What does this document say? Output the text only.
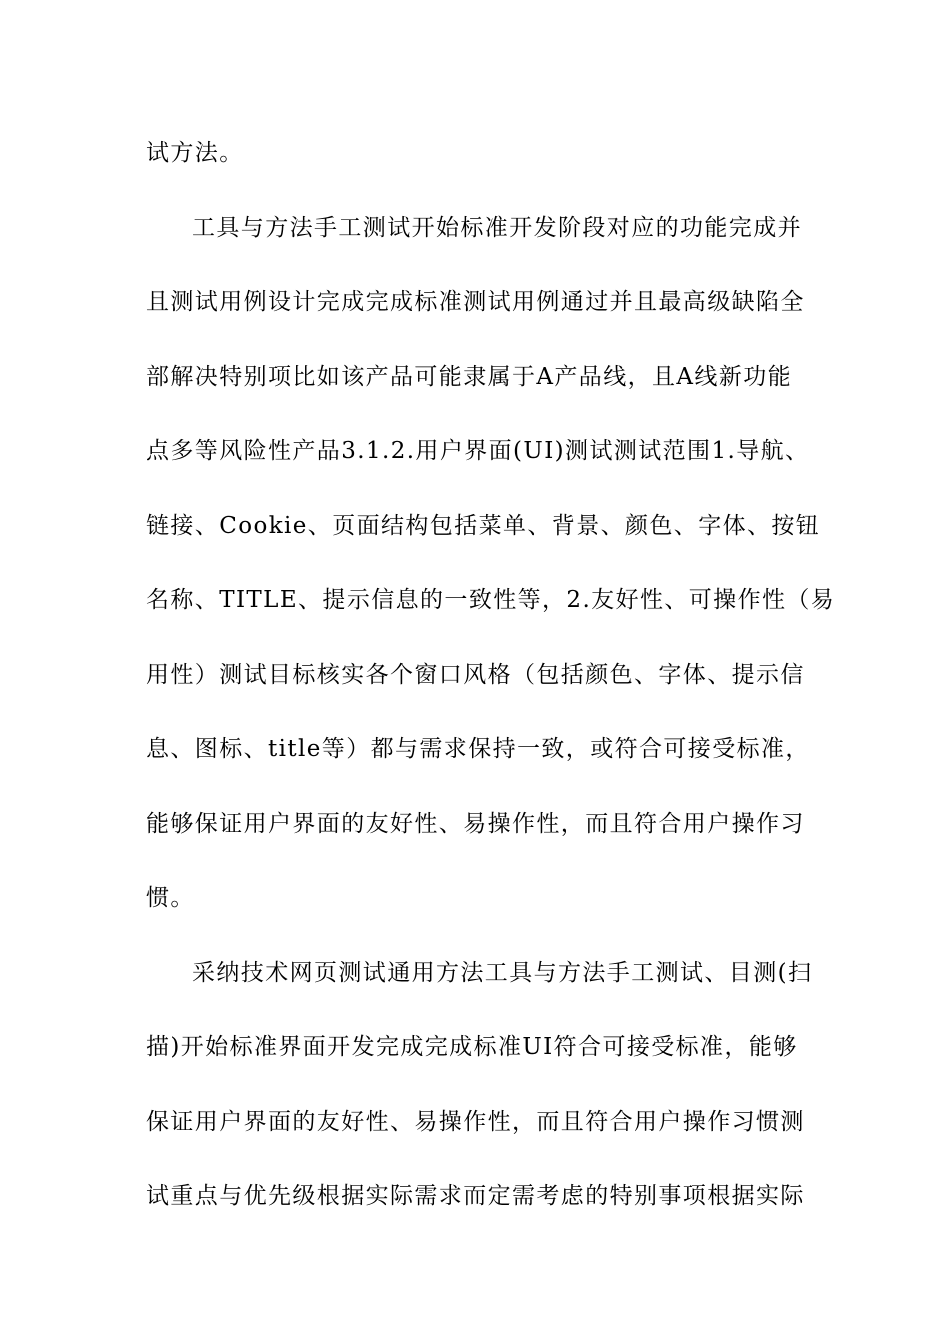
试方法。
工具与方法手工测试开始标准开发阶段对应的功能完成并
且测试用例设计完成完成标准测试用例通过并且最高级缺陷全
部解决特别项比如该产品可能隶属于A产品线，且A线新功能
点多等风险性产品3.1.2.用户界面(UI)测试测试范围1.导航、
链接、Cookie、页面结构包括菜单、背景、颜色、字体、按钮
名称、TITLE、提示信息的一致性等，2.友好性、可操作性（易
用性）测试目标核实各个窗口风格（包括颜色、字体、提示信
息、图标、title等）都与需求保持一致，或符合可接受标准，
能够保证用户界面的友好性、易操作性，而且符合用户操作习
惯。
采纳技术网页测试通用方法工具与方法手工测试、目测(扫
描)开始标准界面开发完成完成标准UI符合可接受标准，能够
保证用户界面的友好性、易操作性，而且符合用户操作习惯测
试重点与优先级根据实际需求而定需考虑的特别事项根据实际
